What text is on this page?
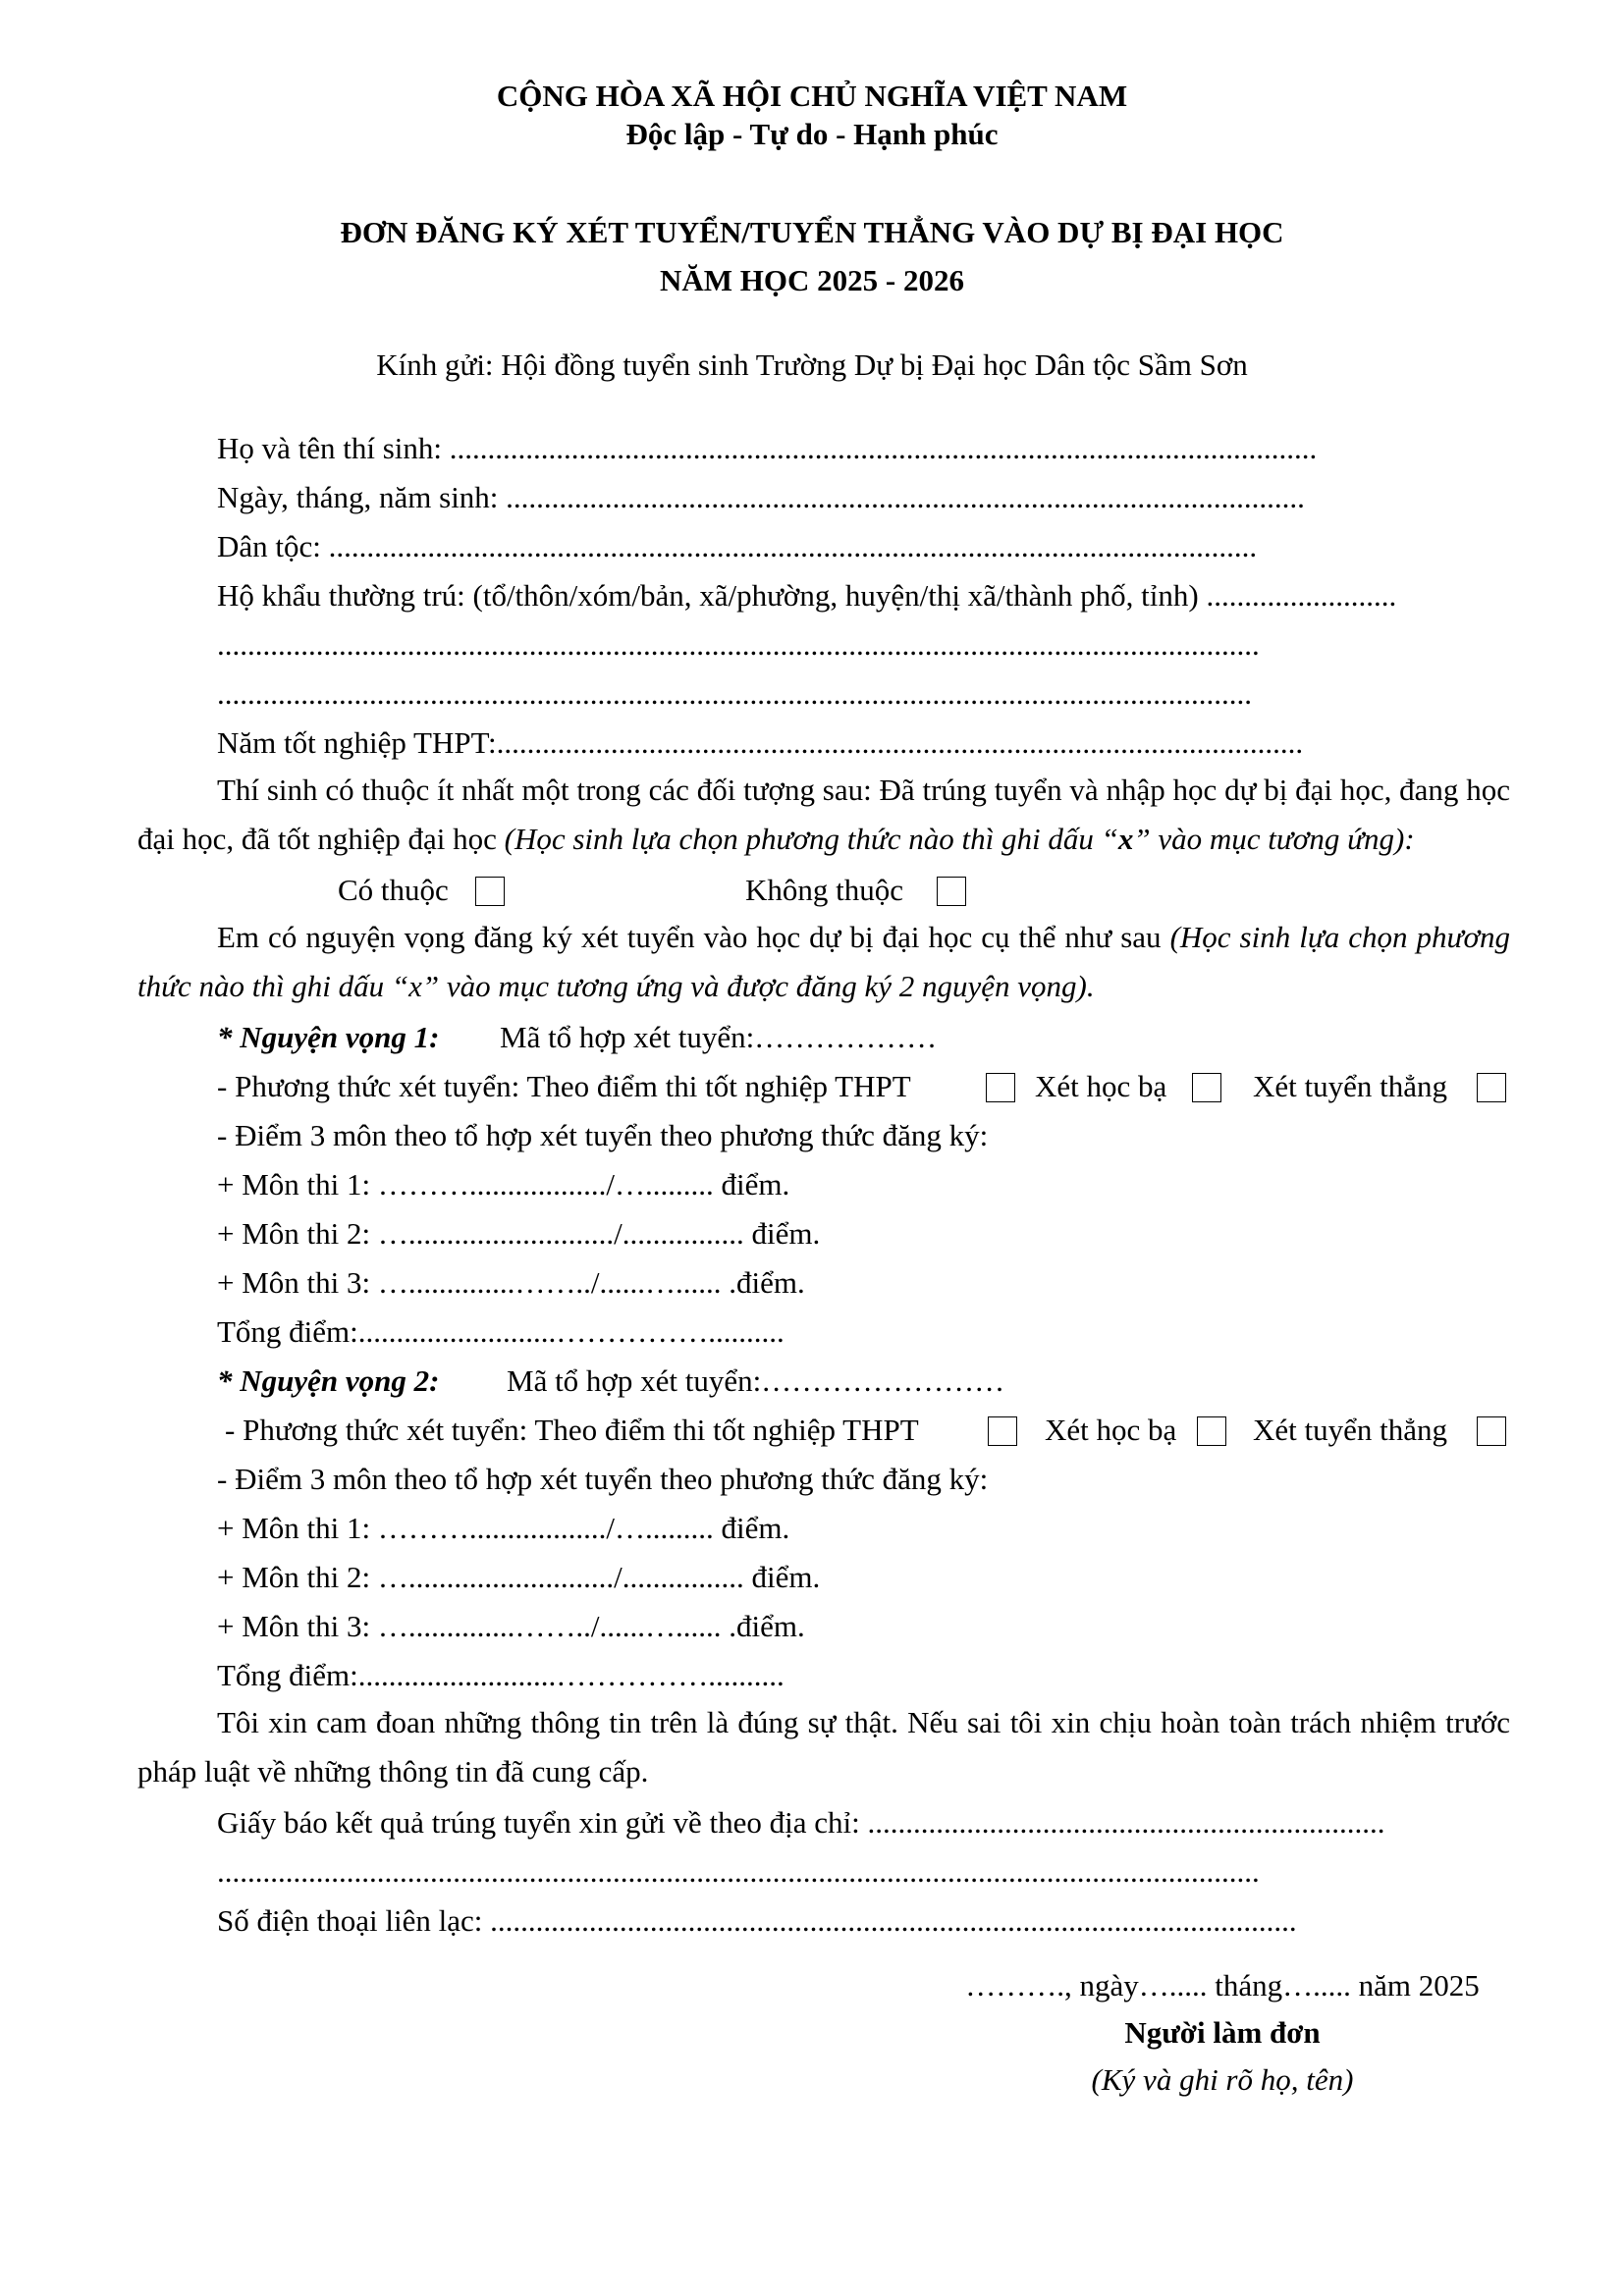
CỘNG HÒA XÃ HỘI CHỦ NGHĨA VIỆT NAM
Độc lập - Tự do - Hạnh phúc
ĐƠN ĐĂNG KÝ XÉT TUYỂN/TUYỂN THẲNG VÀO DỰ BỊ ĐẠI HỌC
NĂM HỌC 2025 - 2026
Kính gửi: Hội đồng tuyển sinh Trường Dự bị Đại học Dân tộc Sầm Sơn
Họ và tên thí sinh: ..................................................................................................................
Ngày, tháng, năm sinh: .........................................................................................................
Dân tộc: ..........................................................................................................................
Hộ khẩu thường trú: (tổ/thôn/xóm/bản, xã/phường, huyện/thị xã/thành phố, tỉnh) .........................
.........................................................................................................................................
........................................................................................................................................
Năm tốt nghiệp THPT:..........................................................................................................
Thí sinh có thuộc ít nhất một trong các đối tượng sau: Đã trúng tuyển và nhập học dự bị đại học, đang học đại học, đã tốt nghiệp đại học (Học sinh lựa chọn phương thức nào thì ghi dấu “x” vào mục tương ứng):
Có thuộc	Không thuộc
Em có nguyện vọng đăng ký xét tuyển vào học dự bị đại học cụ thể như sau (Học sinh lựa chọn phương thức nào thì ghi dấu “x” vào mục tương ứng và được đăng ký 2 nguyện vọng).
* Nguyện vọng 1: Mã tổ hợp xét tuyển:………………
- Phương thức xét tuyển: Theo điểm thi tốt nghiệp THPT	Xét học bạ	Xét tuyển thẳng
- Điểm 3 môn theo tổ hợp xét tuyển theo phương thức đăng ký:
+ Môn thi 1: ………................../…......... điểm.
+ Môn thi 2: ….........................../................ điểm.
+ Môn thi 3: …..............……../......…...... .điểm.
Tổng điểm:..........................……………..........
* Nguyện vọng 2: Mã tổ hợp xét tuyển:……………………
- Phương thức xét tuyển: Theo điểm thi tốt nghiệp THPT	Xét học bạ	Xét tuyển thẳng
- Điểm 3 môn theo tổ hợp xét tuyển theo phương thức đăng ký:
+ Môn thi 1: ………................../…......... điểm.
+ Môn thi 2: ….........................../................ điểm.
+ Môn thi 3: …..............……../......…...... .điểm.
Tổng điểm:..........................……………..........
Tôi xin cam đoan những thông tin trên là đúng sự thật. Nếu sai tôi xin chịu hoàn toàn trách nhiệm trước pháp luật về những thông tin đã cung cấp.
Giấy báo kết quả trúng tuyển xin gửi về theo địa chỉ: ....................................................................
.........................................................................................................................................
Số điện thoại liên lạc: ..........................................................................................................
………., ngày…..... tháng…..... năm 2025
Người làm đơn
(Ký và ghi rõ họ, tên)
